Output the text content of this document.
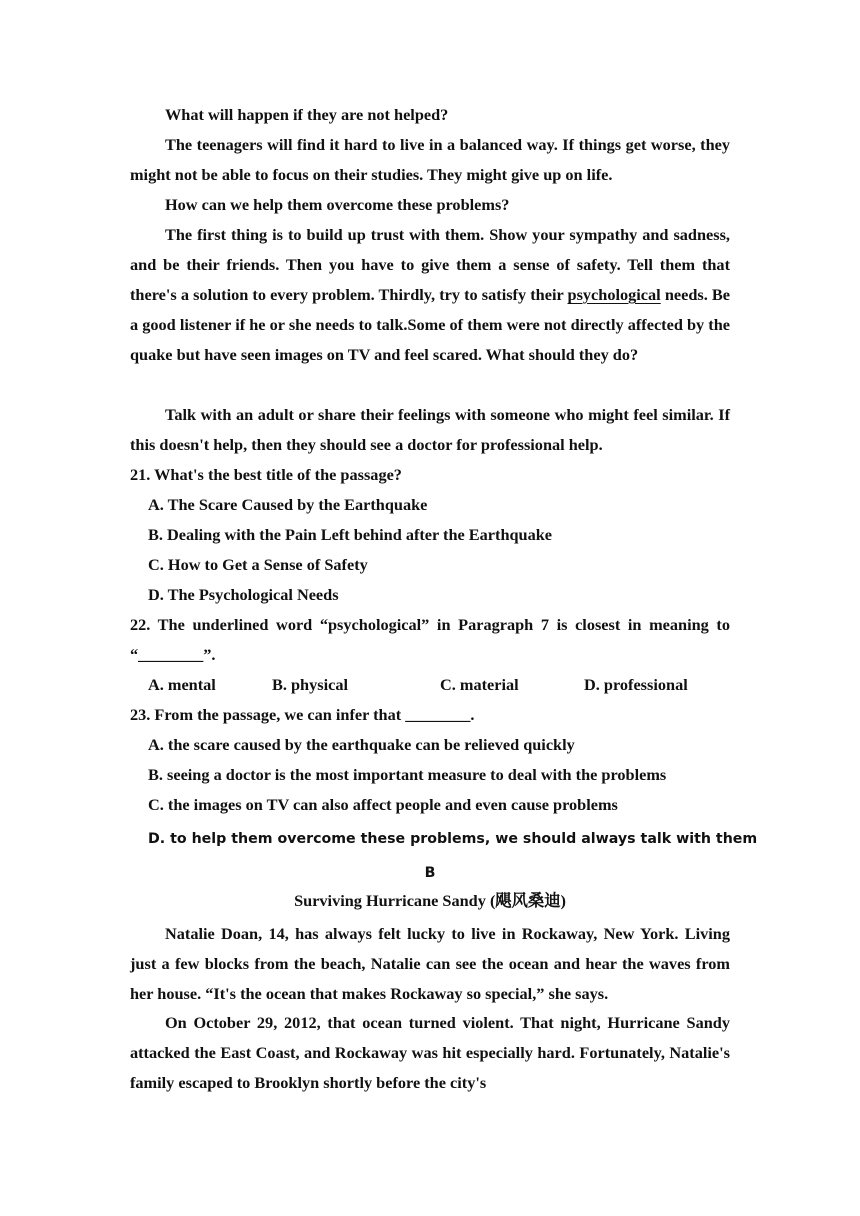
What will happen if they are not helped?

The teenagers will find it hard to live in a balanced way. If things get worse, they might not be able to focus on their studies. They might give up on life.

How can we help them overcome these problems?

The first thing is to build up trust with them. Show your sympathy and sadness, and be their friends. Then you have to give them a sense of safety. Tell them that there's a solution to every problem. Thirdly, try to satisfy their psychological needs. Be a good listener if he or she needs to talk.Some of them were not directly affected by the quake but have seen images on TV and feel scared. What should they do?

Talk with an adult or share their feelings with someone who might feel similar. If this doesn't help, then they should see a doctor for professional help.

21. What's the best title of the passage?
A. The Scare Caused by the Earthquake
B. Dealing with the Pain Left behind after the Earthquake
C. How to Get a Sense of Safety
D. The Psychological Needs

22. The underlined word “psychological” in Paragraph 7 is closest in meaning to “________”.

A. mental	B. physical	C. material	D. professional
23. From the passage, we can infer that ________.
A. the scare caused by the earthquake can be relieved quickly
B. seeing a doctor is the most important measure to deal with the problems
C. the images on TV can also affect people and even cause problems
D. to help them overcome these problems, we should always talk with them
B
Surviving Hurricane Sandy (飓风桑迪)

Natalie Doan, 14, has always felt lucky to live in Rockaway, New York. Living just a few blocks from the beach, Natalie can see the ocean and hear the waves from her house. “It's the ocean that makes Rockaway so special,” she says.

On October 29, 2012, that ocean turned violent. That night, Hurricane Sandy attacked the East Coast, and Rockaway was hit especially hard. Fortunately, Natalie's family escaped to Brooklyn shortly before the city's
